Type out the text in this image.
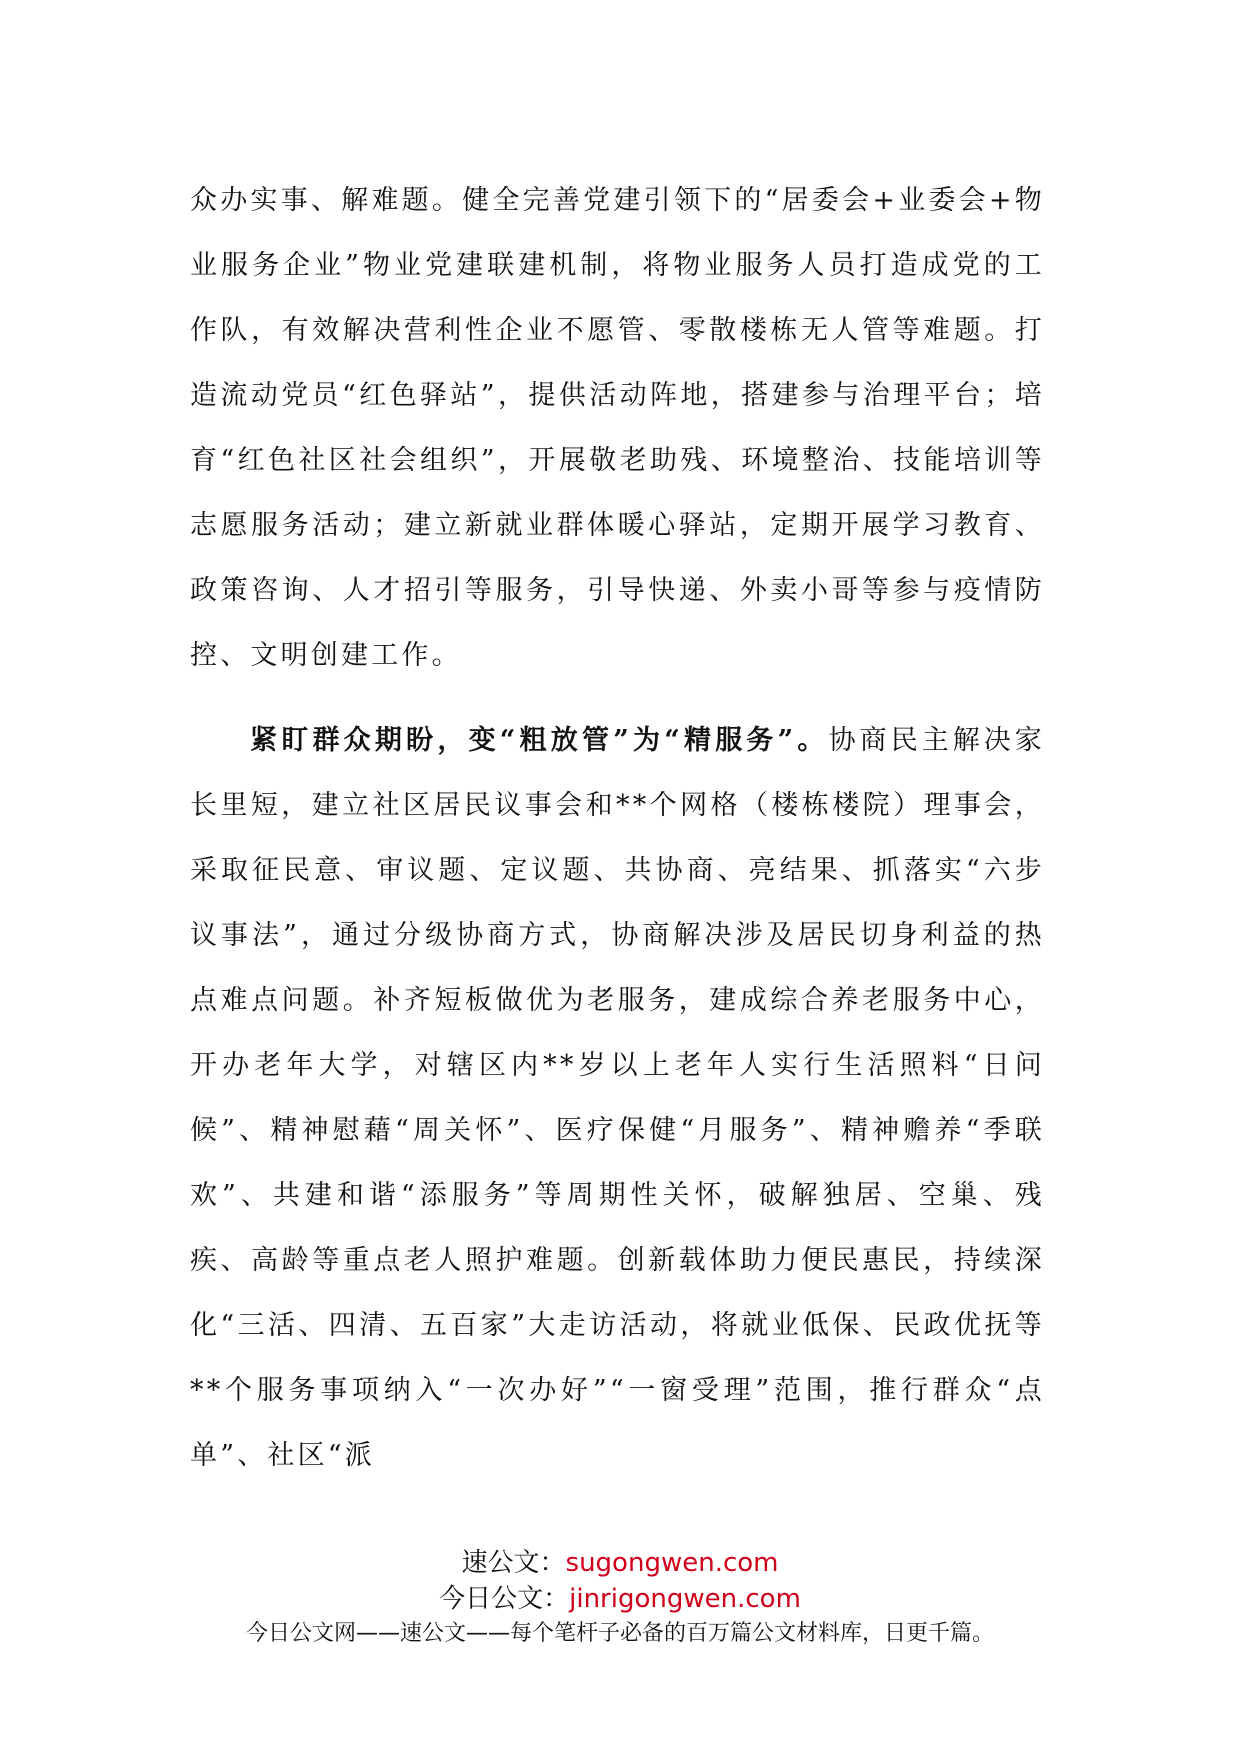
众办实事、解难题。健全完善党建引领下的“居委会+业委会+物业服务企业”物业党建联建机制，将物业服务人员打造成党的工作队，有效解决营利性企业不愿管、零散楼栋无人管等难题。打造流动党员“红色驿站”，提供活动阵地，搭建参与治理平台；培育“红色社区社会组织”，开展敬老助残、环境整治、技能培训等志愿服务活动；建立新就业群体暖心驿站，定期开展学习教育、政策咨询、人才招引等服务，引导快递、外卖小哥等参与疫情防控、文明创建工作。

紧盯群众期盼，变“粗放管”为“精服务”。协商民主解决家长里短，建立社区居民议事会和**个网格（楼栋楼院）理事会，采取征民意、审议题、定议题、共协商、亮结果、抓落实“六步议事法”，通过分级协商方式，协商解决涉及居民切身利益的热点难点问题。补齐短板做优为老服务，建成综合养老服务中心，开办老年大学，对辖区内**岁以上老年人实行生活照料“日问候”、精神慰藉“周关怀”、医疗保健“月服务”、精神赡养“季联欢”、共建和谐“添服务”等周期性关怀，破解独居、空巢、残疾、高龄等重点老人照护难题。创新载体助力便民惠民，持续深化“三活、四清、五百家”大走访活动，将就业低保、民政优抚等**个服务事项纳入“一次办好”“一窗受理”范围，推行群众“点单”、社区“派

速公文：sugongwen.com
今日公文：jinrigongwen.com
今日公文网——速公文——每个笔杆子必备的百万篇公文材料库，日更千篇。
